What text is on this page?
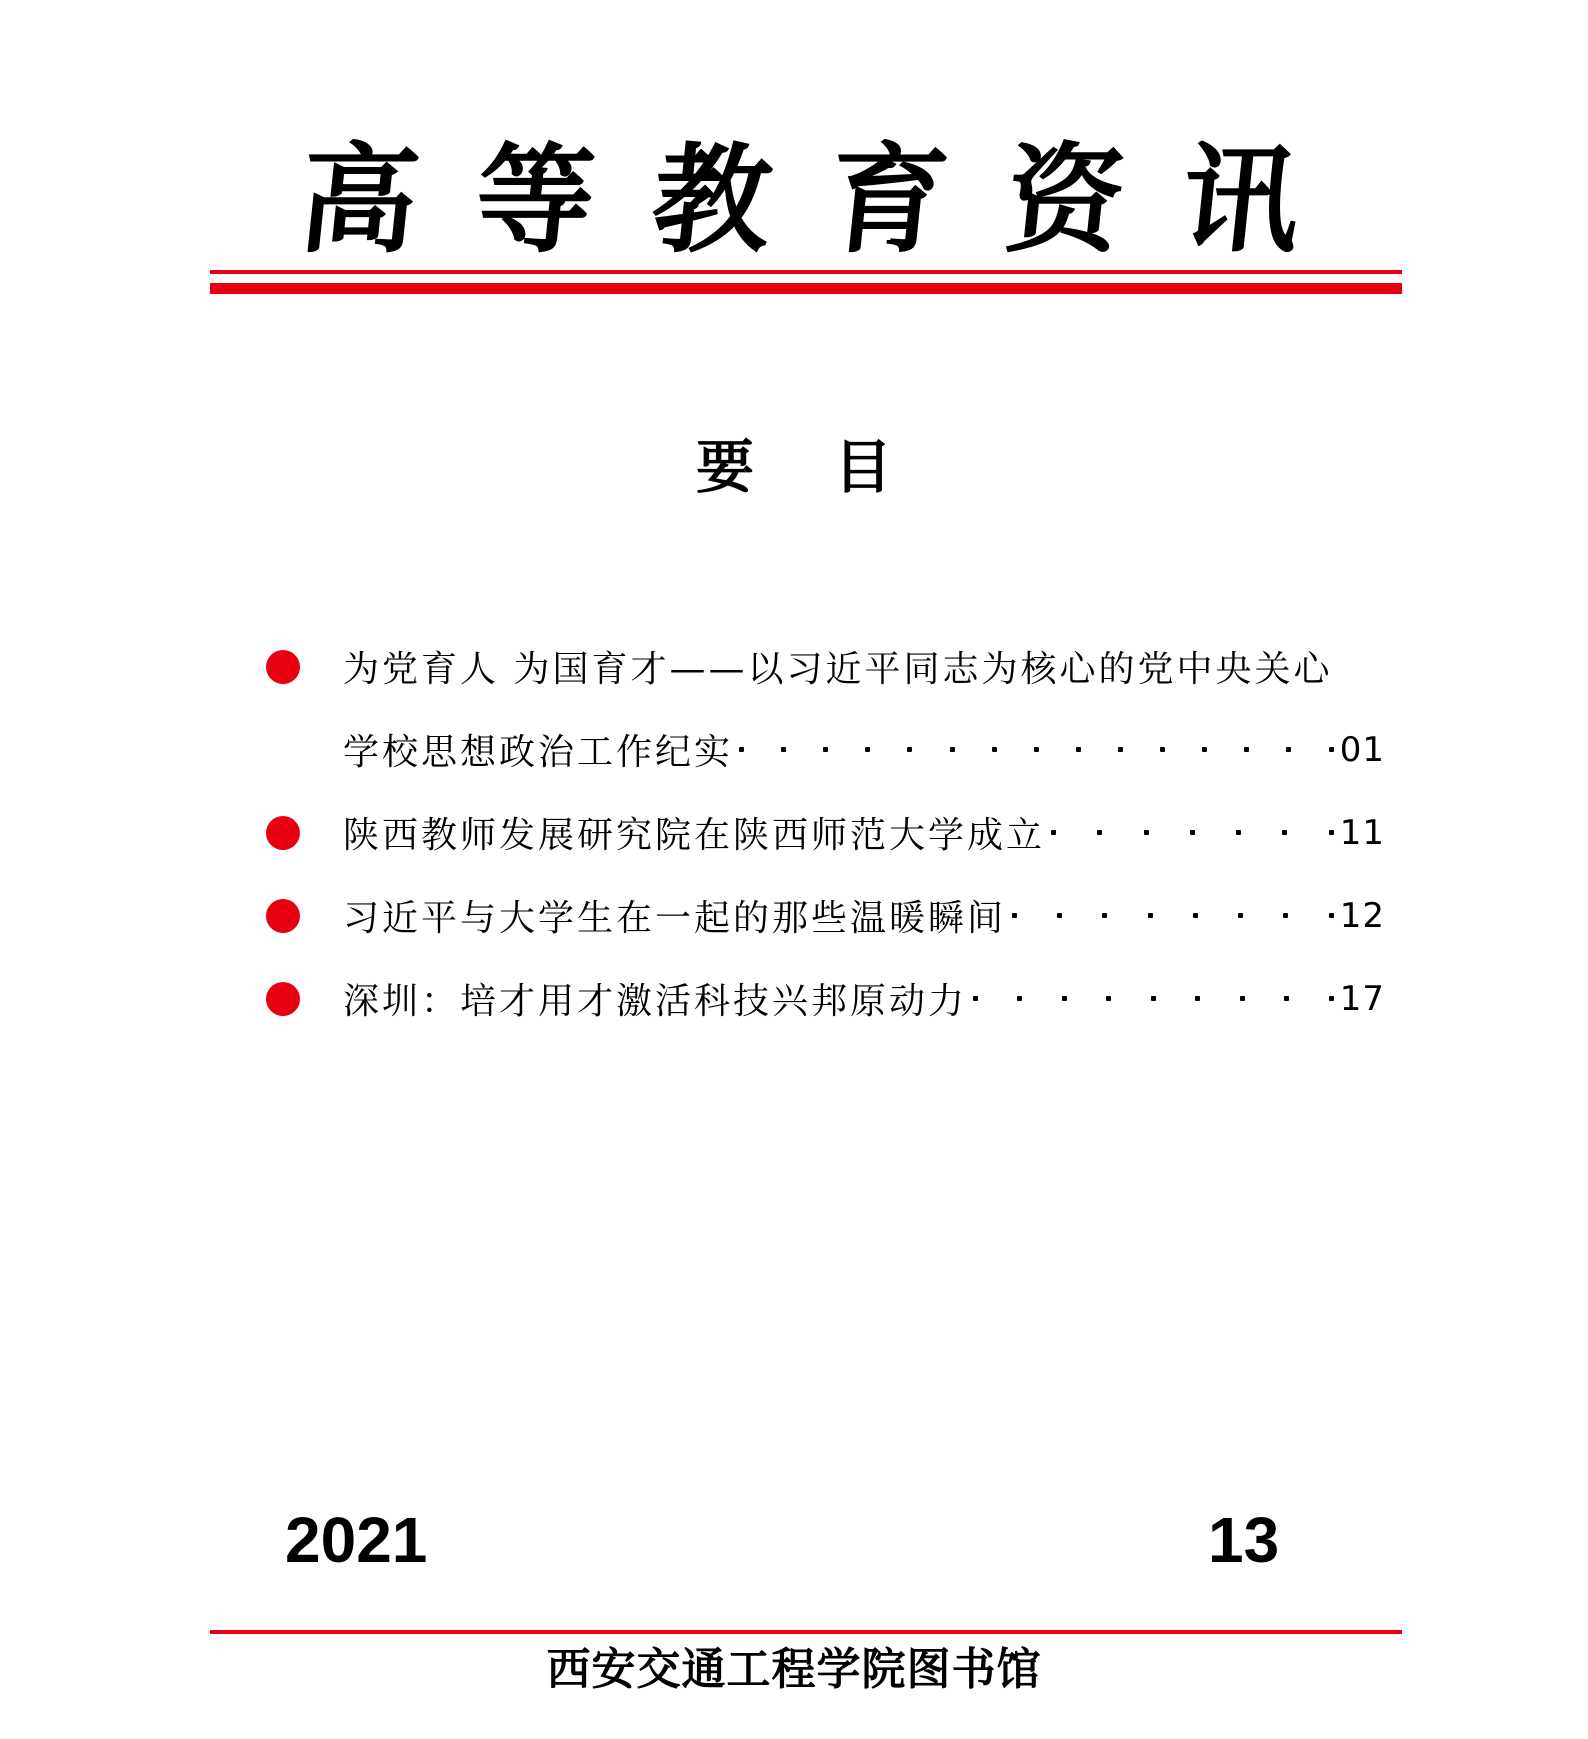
高 等 教 育 资 讯
要 目
为党育人 为国育才——以习近平同志为核心的党中央关心
学校思想政治工作纪实	01
陕西教师发展研究院在陕西师范大学成立	11
习近平与大学生在一起的那些温暖瞬间	12
深圳：培才用才激活科技兴邦原动力	17
2021	13
西安交通工程学院图书馆
